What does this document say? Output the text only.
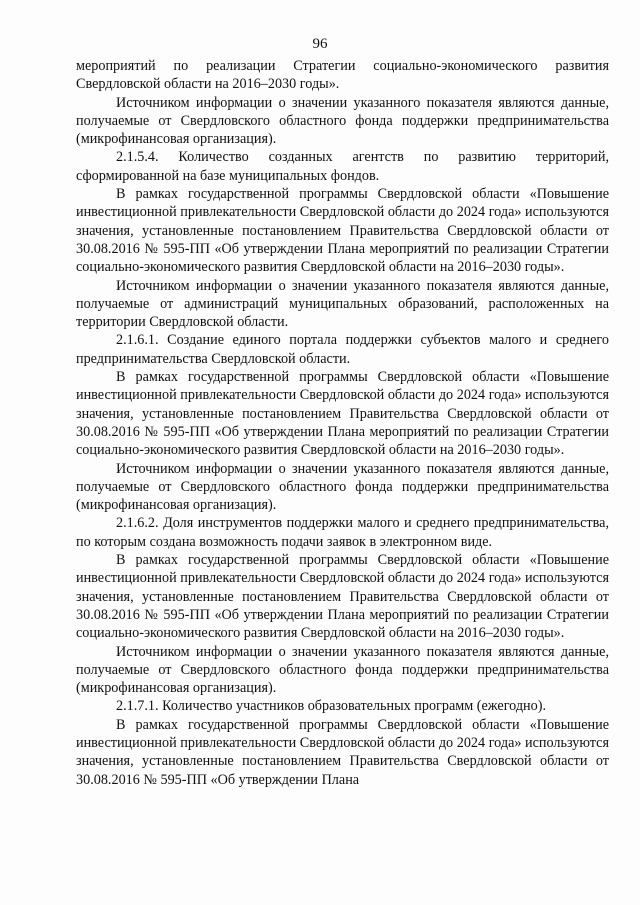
96

мероприятий по реализации Стратегии социально-экономического развития Свердловской области на 2016–2030 годы».

Источником информации о значении указанного показателя являются данные, получаемые от Свердловского областного фонда поддержки предпринимательства (микрофинансовая организация).

2.1.5.4. Количество созданных агентств по развитию территорий, сформированной на базе муниципальных фондов.

В рамках государственной программы Свердловской области «Повышение инвестиционной привлекательности Свердловской области до 2024 года» используются значения, установленные постановлением Правительства Свердловской области от 30.08.2016 № 595-ПП «Об утверждении Плана мероприятий по реализации Стратегии социально-экономического развития Свердловской области на 2016–2030 годы».

Источником информации о значении указанного показателя являются данные, получаемые от администраций муниципальных образований, расположенных на территории Свердловской области.

2.1.6.1. Создание единого портала поддержки субъектов малого и среднего предпринимательства Свердловской области.

В рамках государственной программы Свердловской области «Повышение инвестиционной привлекательности Свердловской области до 2024 года» используются значения, установленные постановлением Правительства Свердловской области от 30.08.2016 № 595-ПП «Об утверждении Плана мероприятий по реализации Стратегии социально-экономического развития Свердловской области на 2016–2030 годы».

Источником информации о значении указанного показателя являются данные, получаемые от Свердловского областного фонда поддержки предпринимательства (микрофинансовая организация).

2.1.6.2. Доля инструментов поддержки малого и среднего предпринимательства, по которым создана возможность подачи заявок в электронном виде.

В рамках государственной программы Свердловской области «Повышение инвестиционной привлекательности Свердловской области до 2024 года» используются значения, установленные постановлением Правительства Свердловской области от 30.08.2016 № 595-ПП «Об утверждении Плана мероприятий по реализации Стратегии социально-экономического развития Свердловской области на 2016–2030 годы».

Источником информации о значении указанного показателя являются данные, получаемые от Свердловского областного фонда поддержки предпринимательства (микрофинансовая организация).

2.1.7.1. Количество участников образовательных программ (ежегодно).

В рамках государственной программы Свердловской области «Повышение инвестиционной привлекательности Свердловской области до 2024 года» используются значения, установленные постановлением Правительства Свердловской области от 30.08.2016 № 595-ПП «Об утверждении Плана
